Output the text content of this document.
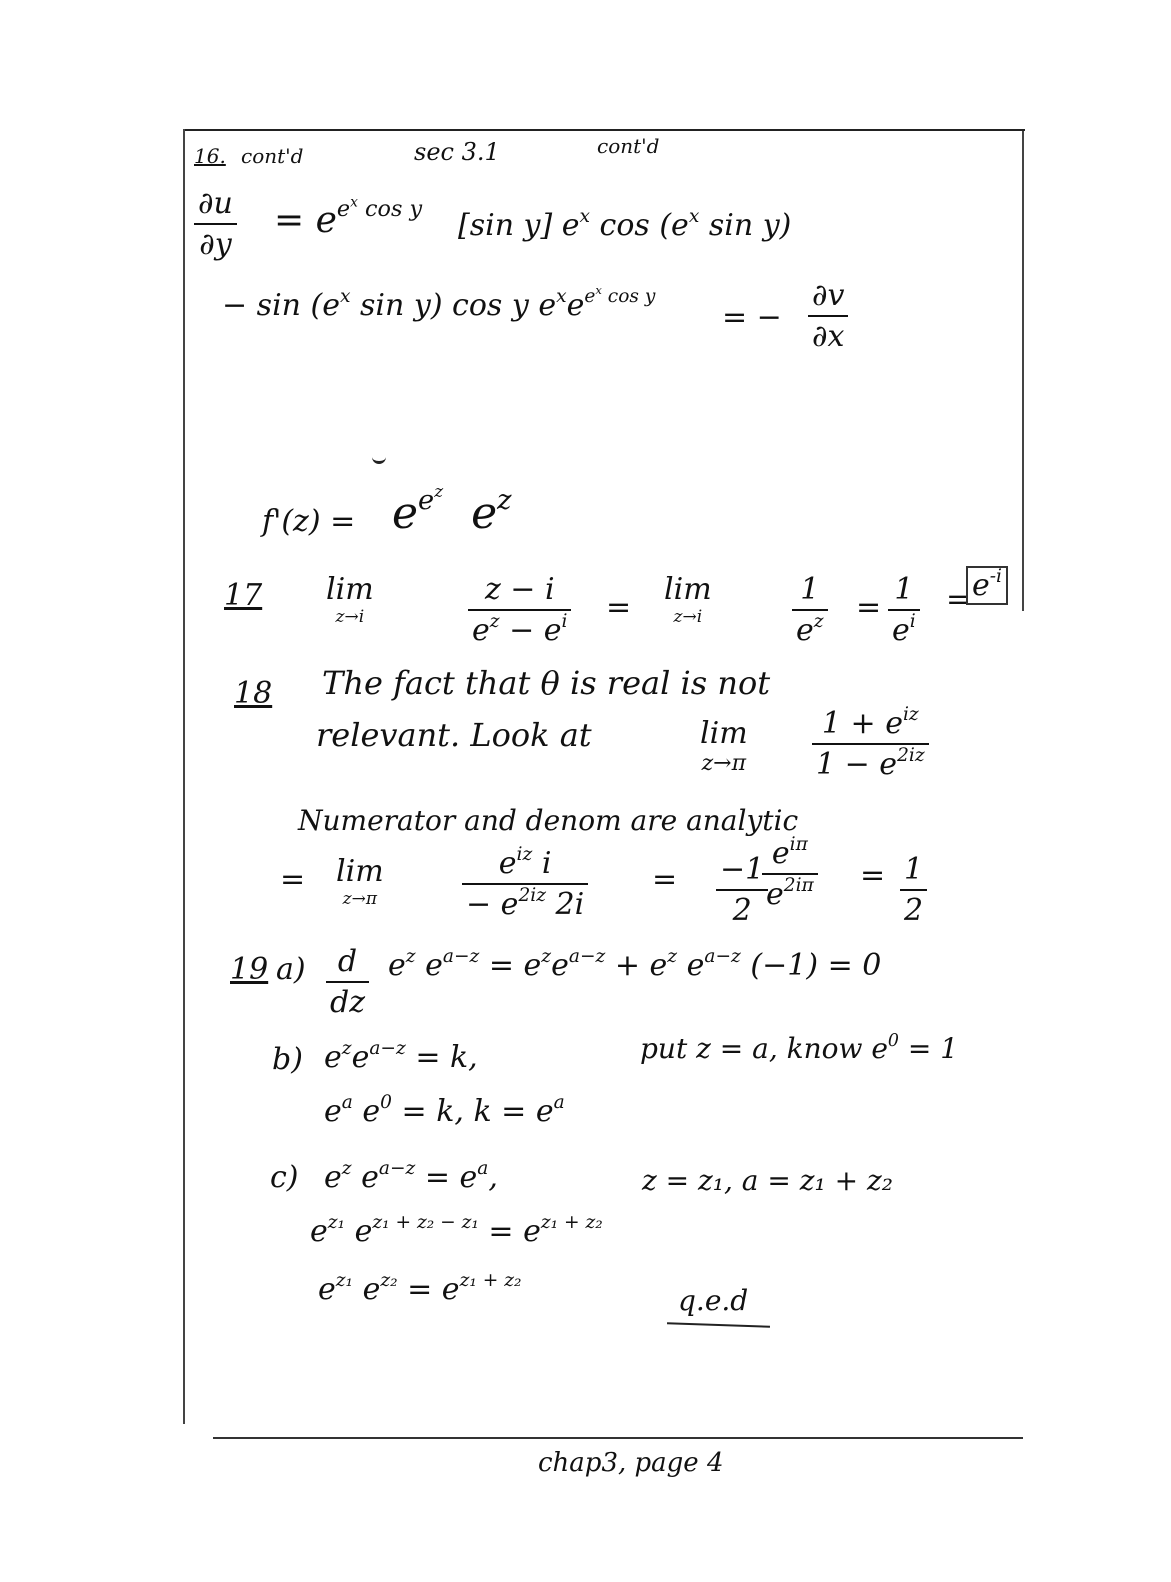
16. cont'd	sec 3.1	cont'd
∂u
∂y
= $e^{e^x cos y}$ [sin y] $e^x$ $\cos (e^x$ sin y)
− $\sin (e^x$ sin y) cos y $e^xe^{e^x cos y}$
= −
∂v
∂x
$f'(z) = e^{e^z}$ $e^z$
17 lim
z→i
z − i
$e^z - e^i$ =
lim
z→i
1
$e^z$ =
1
$e^i$
= $e^{-i}$
18 The fact that θ is real is not
relevant. Look at	lim
z→π
$1 + e^{iz}$
$1 - e^{2iz}$
Numerator and denom are analytic
= lim
z→π
$e^{iz}$ i
− $e^{2iz}$ 2i
= −1
2
$e^{i\pi}$
$e^{2i\pi} = 1$
2
19 a)	d
dz
$e^z$ $e^{a-z} = e^ze^{a-z} + e^z$ $e^{a-z}$ (−1) = 0
b) $e^ze^{a-z} = k$,	put z = a, know $e^0 = 1$
$e^a$ $e^0 = k$, $k = e^a$
c) $e^z$ $e^{a-z} = e^a$,	z = z₁, a = z₁ + z₂
$e^{z_1}$ $e^{z_1 + z_2 - z_1} = e^{z_1 + z_2}$
$e^{z_1}$ $e^{z_2} = e^{z_1 + z_2}$
q.e.d
chap3, page 4
